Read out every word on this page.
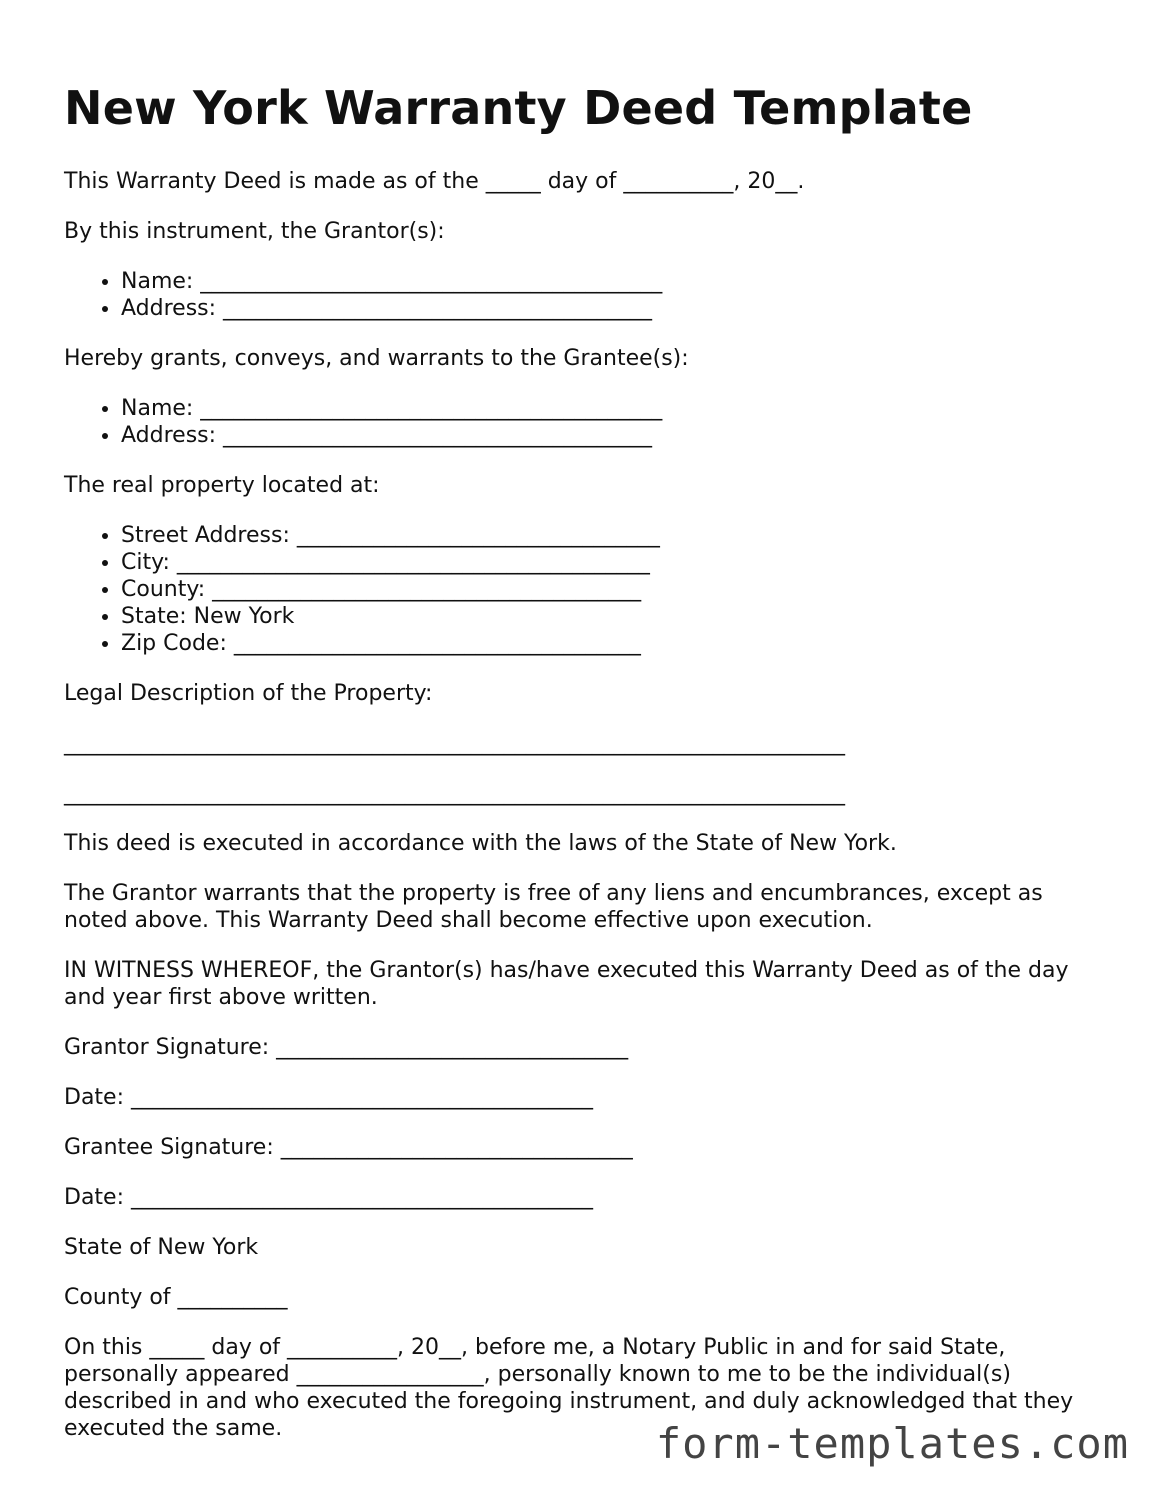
New York Warranty Deed Template

This Warranty Deed is made as of the _____ day of __________, 20__.

By this instrument, the Grantor(s):

• Name: __________________________________________
• Address: _______________________________________

Hereby grants, conveys, and warrants to the Grantee(s):

• Name: __________________________________________
• Address: _______________________________________

The real property located at:

• Street Address: _________________________________
• City: ___________________________________________
• County: _______________________________________
• State: New York
• Zip Code: _____________________________________

Legal Description of the Property:

_______________________________________________________________________
_______________________________________________________________________

This deed is executed in accordance with the laws of the State of New York.

The Grantor warrants that the property is free of any liens and encumbrances, except as noted above. This Warranty Deed shall become effective upon execution.

IN WITNESS WHEREOF, the Grantor(s) has/have executed this Warranty Deed as of the day and year first above written.

Grantor Signature: ________________________________

Date: __________________________________________

Grantee Signature: ________________________________

Date: __________________________________________

State of New York

County of __________

On this _____ day of __________, 20__, before me, a Notary Public in and for said State, personally appeared _________________, personally known to me to be the individual(s) described in and who executed the foregoing instrument, and duly acknowledged that they executed the same.	form-templates.com
